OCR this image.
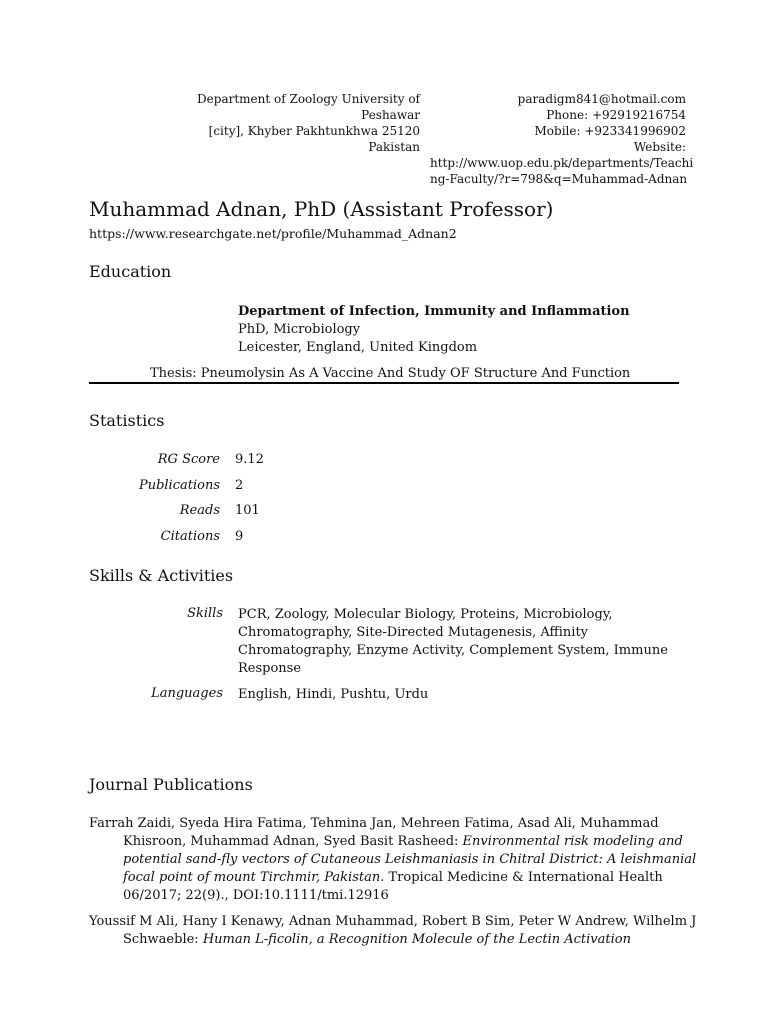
Department of Zoology University of
Peshawar
[city], Khyber Pakhtunkhwa 25120
Pakistan
paradigm841@hotmail.com
Phone: +92919216754
Mobile: +923341996902
Website:
http://www.uop.edu.pk/departments/Teachi
ng-Faculty/?r=798&q=Muhammad-Adnan
Muhammad Adnan, PhD (Assistant Professor)
https://www.researchgate.net/profile/Muhammad_Adnan2
Education
Department of Infection, Immunity and Inflammation
PhD, Microbiology
Leicester, England, United Kingdom
Thesis: Pneumolysin As A Vaccine And Study OF Structure And Function
Statistics
RG Score 9.12
Publications 2
Reads 101
Citations 9
Skills & Activities
Skills PCR, Zoology, Molecular Biology, Proteins, Microbiology, Chromatography, Site-Directed Mutagenesis, Affinity Chromatography, Enzyme Activity, Complement System, Immune Response
Languages English, Hindi, Pushtu, Urdu
Journal Publications
Farrah Zaidi, Syeda Hira Fatima, Tehmina Jan, Mehreen Fatima, Asad Ali, Muhammad Khisroon, Muhammad Adnan, Syed Basit Rasheed: Environmental risk modeling and potential sand-fly vectors of Cutaneous Leishmaniasis in Chitral District: A leishmanial focal point of mount Tirchmir, Pakistan. Tropical Medicine & International Health 06/2017; 22(9)., DOI:10.1111/tmi.12916
Youssif M Ali, Hany I Kenawy, Adnan Muhammad, Robert B Sim, Peter W Andrew, Wilhelm J Schwaeble: Human L-ficolin, a Recognition Molecule of the Lectin Activation
